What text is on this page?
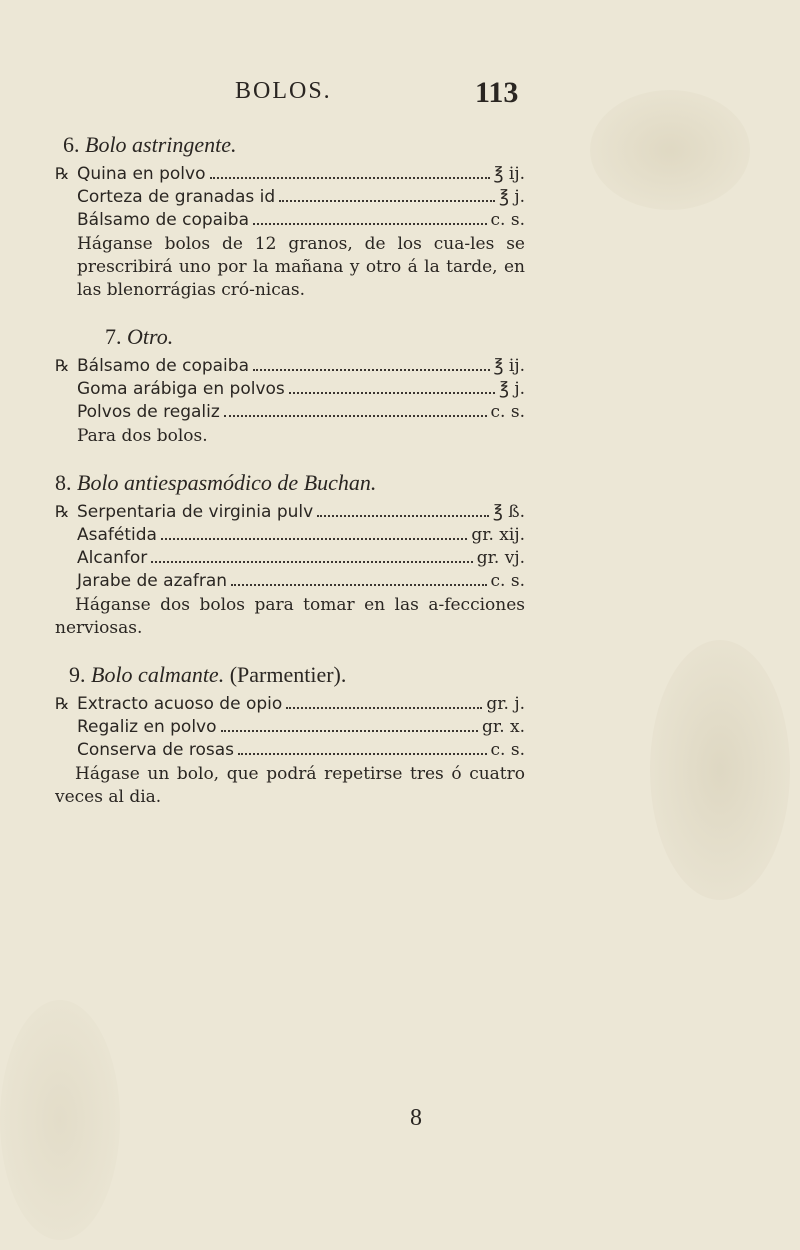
BOLOS.	113
6. Bolo astringente.
℞ Quina en polvo	℥ ij.
Corteza de granadas id	℥ j.
Bálsamo de copaiba	c. s.

Háganse bolos de 12 granos, de los cua-les se prescribirá uno por la mañana y otro á la tarde, en las blenorrágias cró-nicas.

7. Otro.
℞ Bálsamo de copaiba	℥ ij.
Goma arábiga en polvos	℥ j.
Polvos de regaliz	c. s.

Para dos bolos.

8. Bolo antiespasmódico de Buchan.
℞ Serpentaria de virginia pulv	℥ ß.
Asafétida	gr. xij.
Alcanfor	gr. vj.
Jarabe de azafran	c. s.

Háganse dos bolos para tomar en las a-fecciones nerviosas.

9. Bolo calmante. (Parmentier).
℞ Extracto acuoso de opio	gr. j.
Regaliz en polvo	gr. x.
Conserva de rosas	c. s.

Hágase un bolo, que podrá repetirse tres ó cuatro veces al dia.

8
